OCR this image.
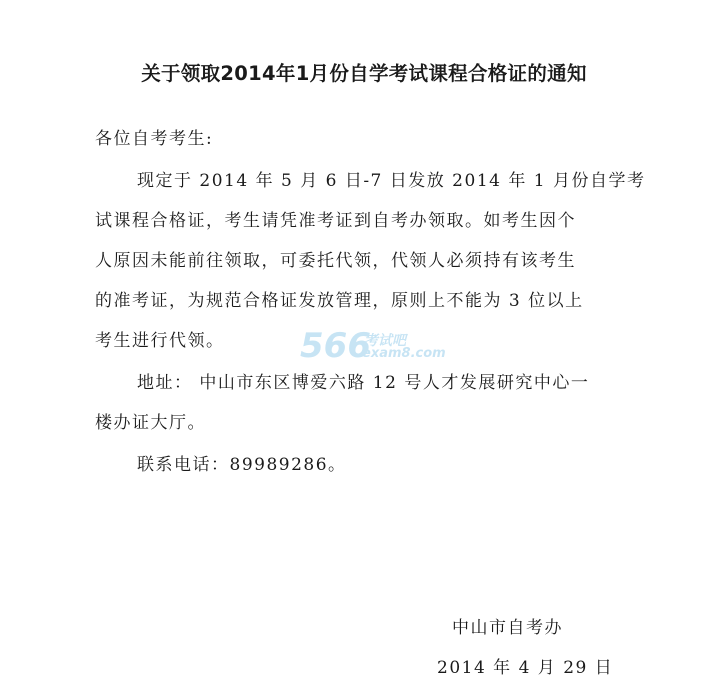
关于领取2014年1月份自学考试课程合格证的通知
各位自考考生:
现定于 2014 年 5 月 6 日-7 日发放 2014 年 1 月份自学考
试课程合格证，考生请凭准考证到自考办领取。如考生因个
人原因未能前往领取，可委托代领，代领人必须持有该考生
的准考证，为规范合格证发放管理，原则上不能为 3 位以上
考生进行代领。
地址： 中山市东区博爱六路 12 号人才发展研究中心一
楼办证大厅。
联系电话：89989286。
中山市自考办
2014 年 4 月 29 日
566
考试吧
exam8.com
